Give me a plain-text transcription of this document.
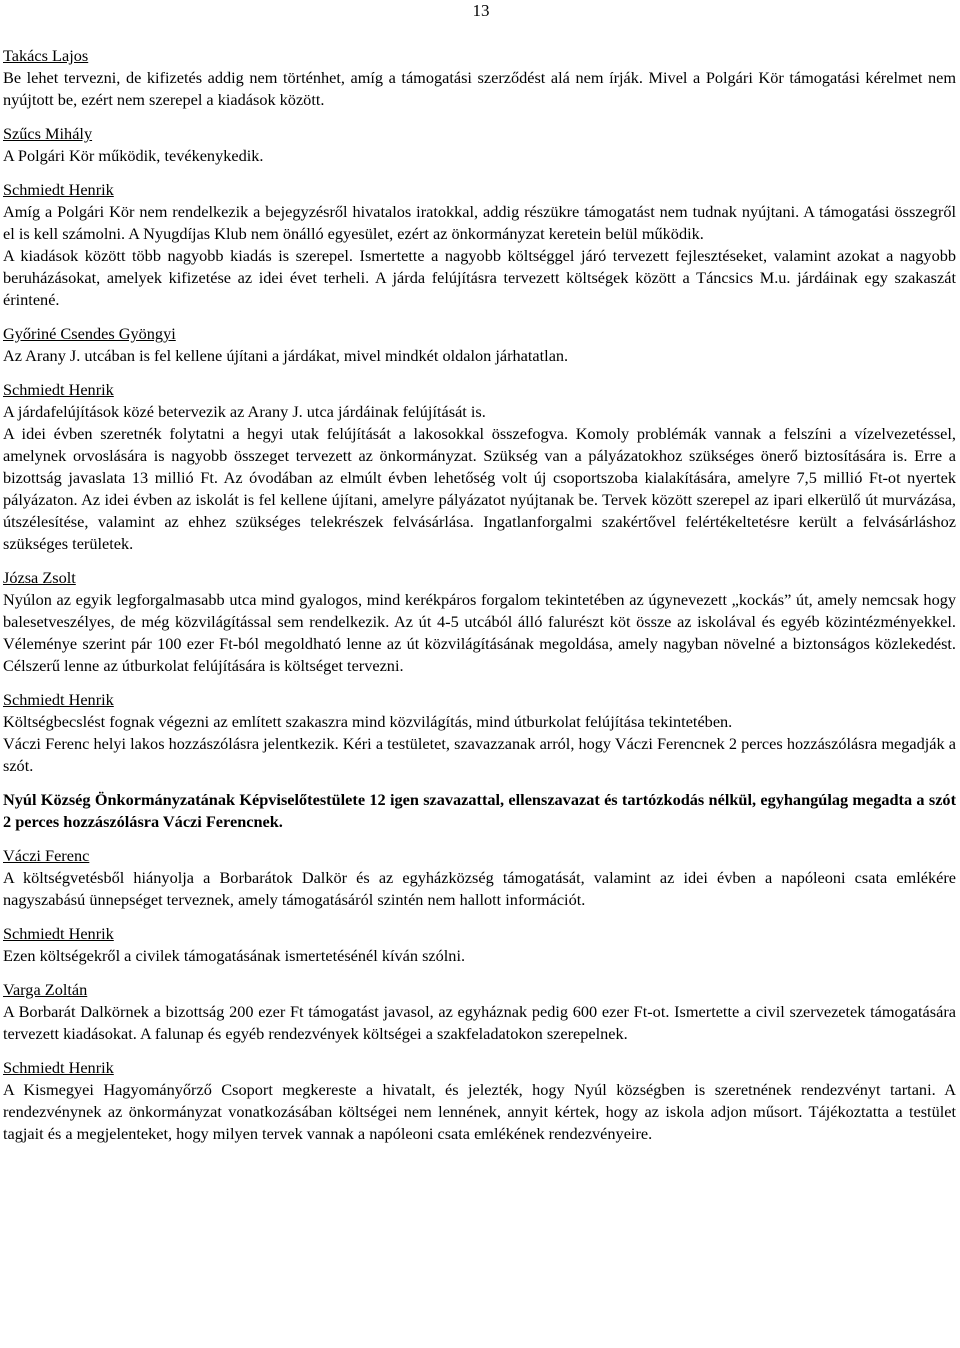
13
Takács Lajos
Be lehet tervezni, de kifizetés addig nem történhet, amíg a támogatási szerződést alá nem írják. Mivel a Polgári Kör támogatási kérelmet nem nyújtott be, ezért nem szerepel a kiadások között.
Szűcs Mihály
A Polgári Kör működik, tevékenykedik.
Schmiedt Henrik
Amíg a Polgári Kör nem rendelkezik a bejegyzésről hivatalos iratokkal, addig részükre támogatást nem tudnak nyújtani. A támogatási összegről el is kell számolni. A Nyugdíjas Klub nem önálló egyesület, ezért az önkormányzat keretein belül működik.
A kiadások között több nagyobb kiadás is szerepel. Ismertette a nagyobb költséggel járó tervezett fejlesztéseket, valamint azokat a nagyobb beruházásokat, amelyek kifizetése az idei évet terheli. A járda felújításra tervezett költségek között a Táncsics M.u. járdáinak egy szakaszát érintené.
Győriné Csendes Gyöngyi
Az Arany J. utcában is fel kellene újítani a járdákat, mivel mindkét oldalon járhatatlan.
Schmiedt Henrik
A járdafelújítások közé betervezik az Arany J. utca járdáinak felújítását is.
A idei évben szeretnék folytatni a hegyi utak felújítását a lakosokkal összefogva. Komoly problémák vannak a felszíni a vízelvezetéssel, amelynek orvoslására is nagyobb összeget tervezett az önkormányzat. Szükség van a pályázatokhoz szükséges önerő biztosítására is. Erre a bizottság javaslata 13 millió Ft. Az óvodában az elmúlt évben lehetőség volt új csoportszoba kialakítására, amelyre 7,5 millió Ft-ot nyertek pályázaton. Az idei évben az iskolát is fel kellene újítani, amelyre pályázatot nyújtanak be. Tervek között szerepel az ipari elkerülő út murvázása, útszélesítése, valamint az ehhez szükséges telekrészek felvásárlása. Ingatlanforgalmi szakértővel felértékeltetésre került a felvásárláshoz szükséges területek.
Józsa Zsolt
Nyúlon az egyik legforgalmasabb utca mind gyalogos, mind kerékpáros forgalom tekintetében az úgynevezett „kockás” út, amely nemcsak hogy balesetveszélyes, de még közvilágítással sem rendelkezik. Az út 4-5 utcából álló falurészt köt össze az iskolával és egyéb közintézményekkel. Véleménye szerint pár 100 ezer Ft-ból megoldható lenne az út közvilágításának megoldása, amely nagyban növelné a biztonságos közlekedést. Célszerű lenne az útburkolat felújítására is költséget tervezni.
Schmiedt Henrik
Költségbecslést fognak végezni az említett szakaszra mind közvilágítás, mind útburkolat felújítása tekintetében.
Váczi Ferenc helyi lakos hozzászólásra jelentkezik. Kéri a testületet, szavazzanak arról, hogy Váczi Ferencnek 2 perces hozzászólásra megadják a szót.
Nyúl Község Önkormányzatának Képviselőtestülete 12 igen szavazattal, ellenszavazat és tartózkodás nélkül, egyhangúlag megadta a szót 2 perces hozzászólásra Váczi Ferencnek.
Váczi Ferenc
A költségvetésből hiányolja a Borbarátok Dalkör és az egyházközség támogatását, valamint az idei évben a napóleoni csata emlékére nagyszabású ünnepséget terveznek, amely támogatásáról szintén nem hallott információt.
Schmiedt Henrik
Ezen költségekről a civilek támogatásának ismertetésénél kíván szólni.
Varga Zoltán
A Borbarát Dalkörnek a bizottság 200 ezer Ft támogatást javasol, az egyháznak pedig 600 ezer Ft-ot. Ismertette a civil szervezetek támogatására tervezett kiadásokat. A falunap és egyéb rendezvények költségei a szakfeladatokon szerepelnek.
Schmiedt Henrik
A Kismegyei Hagyományőrző Csoport megkereste a hivatalt, és jelezték, hogy Nyúl községben is szeretnének rendezvényt tartani. A rendezvénynek az önkormányzat vonatkozásában költségei nem lennének, annyit kértek, hogy az iskola adjon műsort. Tájékoztatta a testület tagjait és a megjelenteket, hogy milyen tervek vannak a napóleoni csata emlékének rendezvényeire.
